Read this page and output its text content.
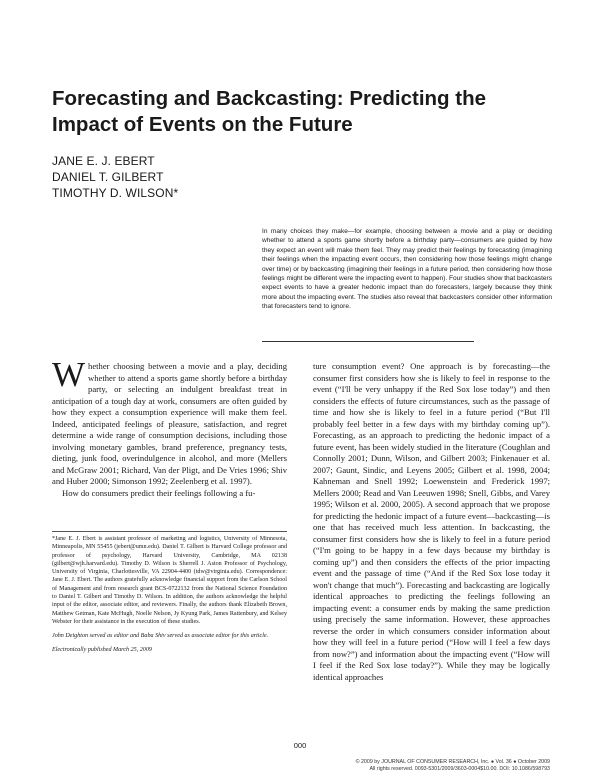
Forecasting and Backcasting: Predicting the Impact of Events on the Future
JANE E. J. EBERT
DANIEL T. GILBERT
TIMOTHY D. WILSON*

In many choices they make—for example, choosing between a movie and a play or deciding whether to attend a sports game shortly before a birthday party—consumers are guided by how they expect an event will make them feel. They may predict their feelings by forecasting (imagining their feelings when the impacting event occurs, then considering how those feelings might change over time) or by backcasting (imagining their feelings in a future period, then considering how those feelings might be different were the impacting event to happen). Four studies show that backcasters expect events to have a greater hedonic impact than do forecasters, largely because they think more about the impacting event. The studies also reveal that backcasters consider other information that forecasters tend to ignore.

Whether choosing between a movie and a play, deciding whether to attend a sports game shortly before a birthday party, or selecting an indulgent breakfast treat in anticipation of a tough day at work, consumers are often guided by how they expect a consumption experience will make them feel. Indeed, anticipated feelings of pleasure, satisfaction, and regret determine a wide range of consumption decisions, including those involving monetary gambles, brand preference, pregnancy tests, dieting, junk food, overindulgence in alcohol, and more (Mellers and McGraw 2001; Richard, Van der Pligt, and De Vries 1996; Shiv and Huber 2000; Simonson 1992; Zeelenberg et al. 1997).

How do consumers predict their feelings following a fu-

*Jane E. J. Ebert is assistant professor of marketing and logistics, University of Minnesota, Minneapolis, MN 55455 (jebert@umn.edu). Daniel T. Gilbert is Harvard College professor and professor of psychology, Harvard University, Cambridge, MA 02138 (gilbert@wjh.harvard.edu). Timothy D. Wilson is Sherrell J. Aston Professor of Psychology, University of Virginia, Charlottesville, VA 22904-4400 (tdw@virginia.edu). Correspondence: Jane E. J. Ebert. The authors gratefully acknowledge financial support from the Carlson School of Management and from research grant BCS-0722132 from the National Science Foundation to Daniel T. Gilbert and Timothy D. Wilson. In addition, the authors acknowledge the helpful input of the editor, associate editor, and reviewers. Finally, the authors thank Elizabeth Brown, Matthew Getman, Kate McHugh, Noelle Nelson, Jy Kyung Park, James Rattenbury, and Kelsey Webster for their assistance in the execution of these studies.

John Deighton served as editor and Baba Shiv served as associate editor for this article.

Electronically published March 25, 2009

ture consumption event? One approach is by forecasting—the consumer first considers how she is likely to feel in response to the event (“I'll be very unhappy if the Red Sox lose today”) and then considers the effects of future circumstances, such as the passage of time and how she is likely to feel in a future period (“But I'll probably feel better in a few days with my birthday coming up”). Forecasting, as an approach to predicting the hedonic impact of a future event, has been widely studied in the literature (Coughlan and Connolly 2001; Dunn, Wilson, and Gilbert 2003; Finkenauer et al. 2007; Gaunt, Sindic, and Leyens 2005; Gilbert et al. 1998, 2004; Kahneman and Snell 1992; Loewenstein and Frederick 1997; Mellers 2000; Read and Van Leeuwen 1998; Snell, Gibbs, and Varey 1995; Wilson et al. 2000, 2005). A second approach that we propose for predicting the hedonic impact of a future event—backcasting—is one that has received much less attention. In backcasting, the consumer first considers how she is likely to feel in a future period (“I'm going to be happy in a few days because my birthday is coming up”) and then considers the effects of the prior impacting event and the passage of time (“And if the Red Sox lose today it won't change that much”). Forecasting and backcasting are logically identical approaches to predicting the feelings following an impacting event: a consumer ends by making the same prediction using precisely the same information. However, these approaches reverse the order in which consumers consider information about how they will feel in a future period (“How will I feel a few days from now?”) and information about the impacting event (“How will I feel if the Red Sox lose today?”). While they may be logically identical approaches

000
© 2009 by JOURNAL OF CONSUMER RESEARCH, Inc. ● Vol. 36 ● October 2009
All rights reserved. 0093-5301/2009/3603-0004$10.00. DOI: 10.1086/598793
